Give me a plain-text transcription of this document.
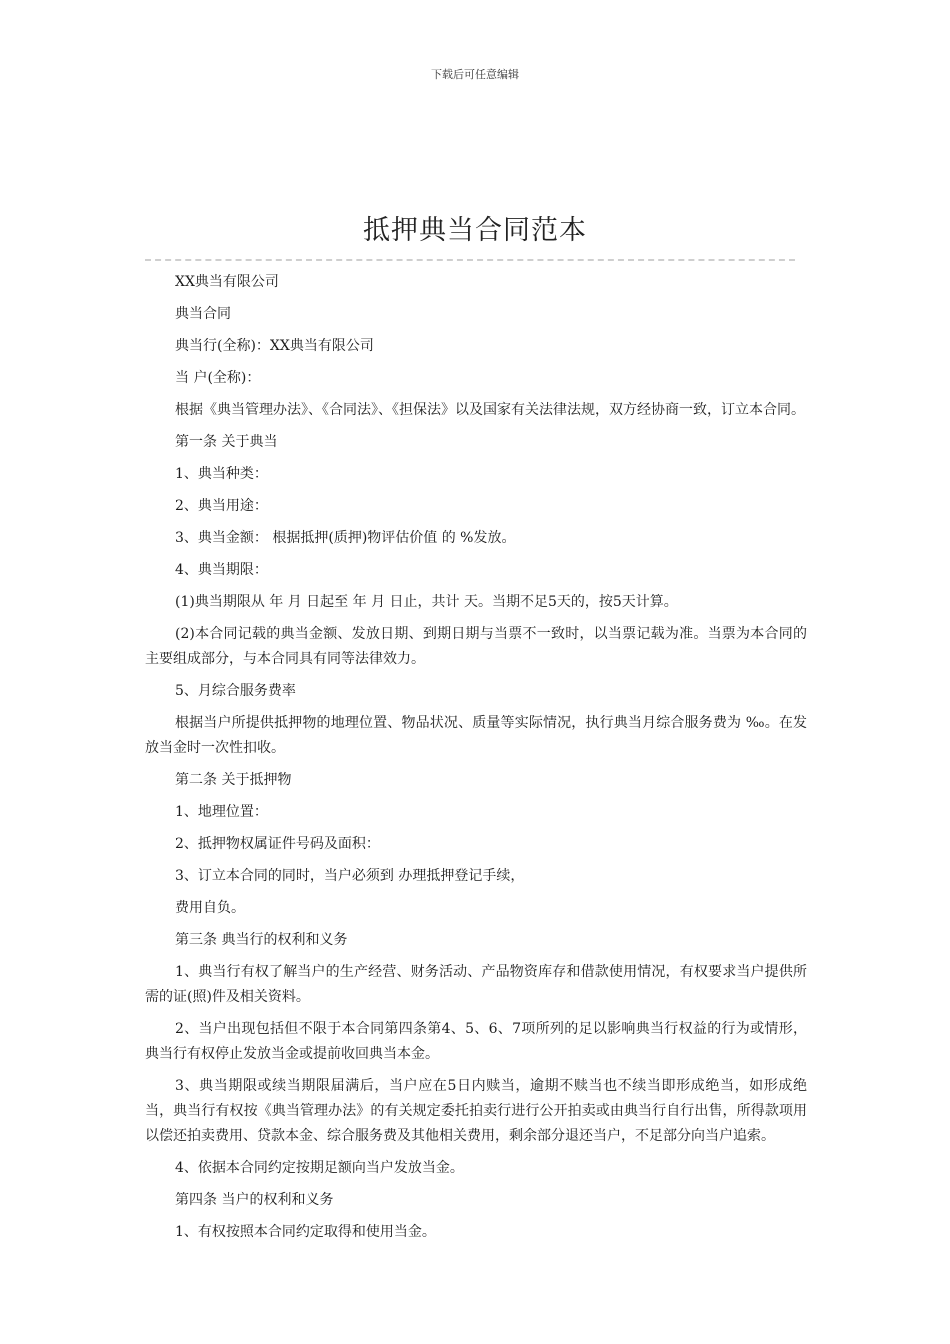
下载后可任意编辑
抵押典当合同范本

XX典当有限公司

典当合同

典当行(全称)：XX典当有限公司

当 户(全称)：

根据《典当管理办法》、《合同法》、《担保法》以及国家有关法律法规，双方经协商一致，订立本合同。

第一条 关于典当

1、典当种类：

2、典当用途：

3、典当金额： 根据抵押(质押)物评估价值 的 %发放。

4、典当期限：

(1)典当期限从 年 月 日起至 年 月 日止，共计 天。当期不足5天的，按5天计算。

(2)本合同记载的典当金额、发放日期、到期日期与当票不一致时，以当票记载为准。当票为本合同的主要组成部分，与本合同具有同等法律效力。

5、月综合服务费率

根据当户所提供抵押物的地理位置、物品状况、质量等实际情况，执行典当月综合服务费为 ‰。在发放当金时一次性扣收。

第二条 关于抵押物

1、地理位置：

2、抵押物权属证件号码及面积：

3、订立本合同的同时，当户必须到 办理抵押登记手续，

费用自负。

第三条 典当行的权利和义务

1、典当行有权了解当户的生产经营、财务活动、产品物资库存和借款使用情况，有权要求当户提供所需的证(照)件及相关资料。

2、当户出现包括但不限于本合同第四条第4、5、6、7项所列的足以影响典当行权益的行为或情形，典当行有权停止发放当金或提前收回典当本金。

3、典当期限或续当期限届满后，当户应在5日内赎当，逾期不赎当也不续当即形成绝当，如形成绝当，典当行有权按《典当管理办法》的有关规定委托拍卖行进行公开拍卖或由典当行自行出售，所得款项用以偿还拍卖费用、贷款本金、综合服务费及其他相关费用，剩余部分退还当户，不足部分向当户追索。

4、依据本合同约定按期足额向当户发放当金。

第四条 当户的权利和义务

1、有权按照本合同约定取得和使用当金。
